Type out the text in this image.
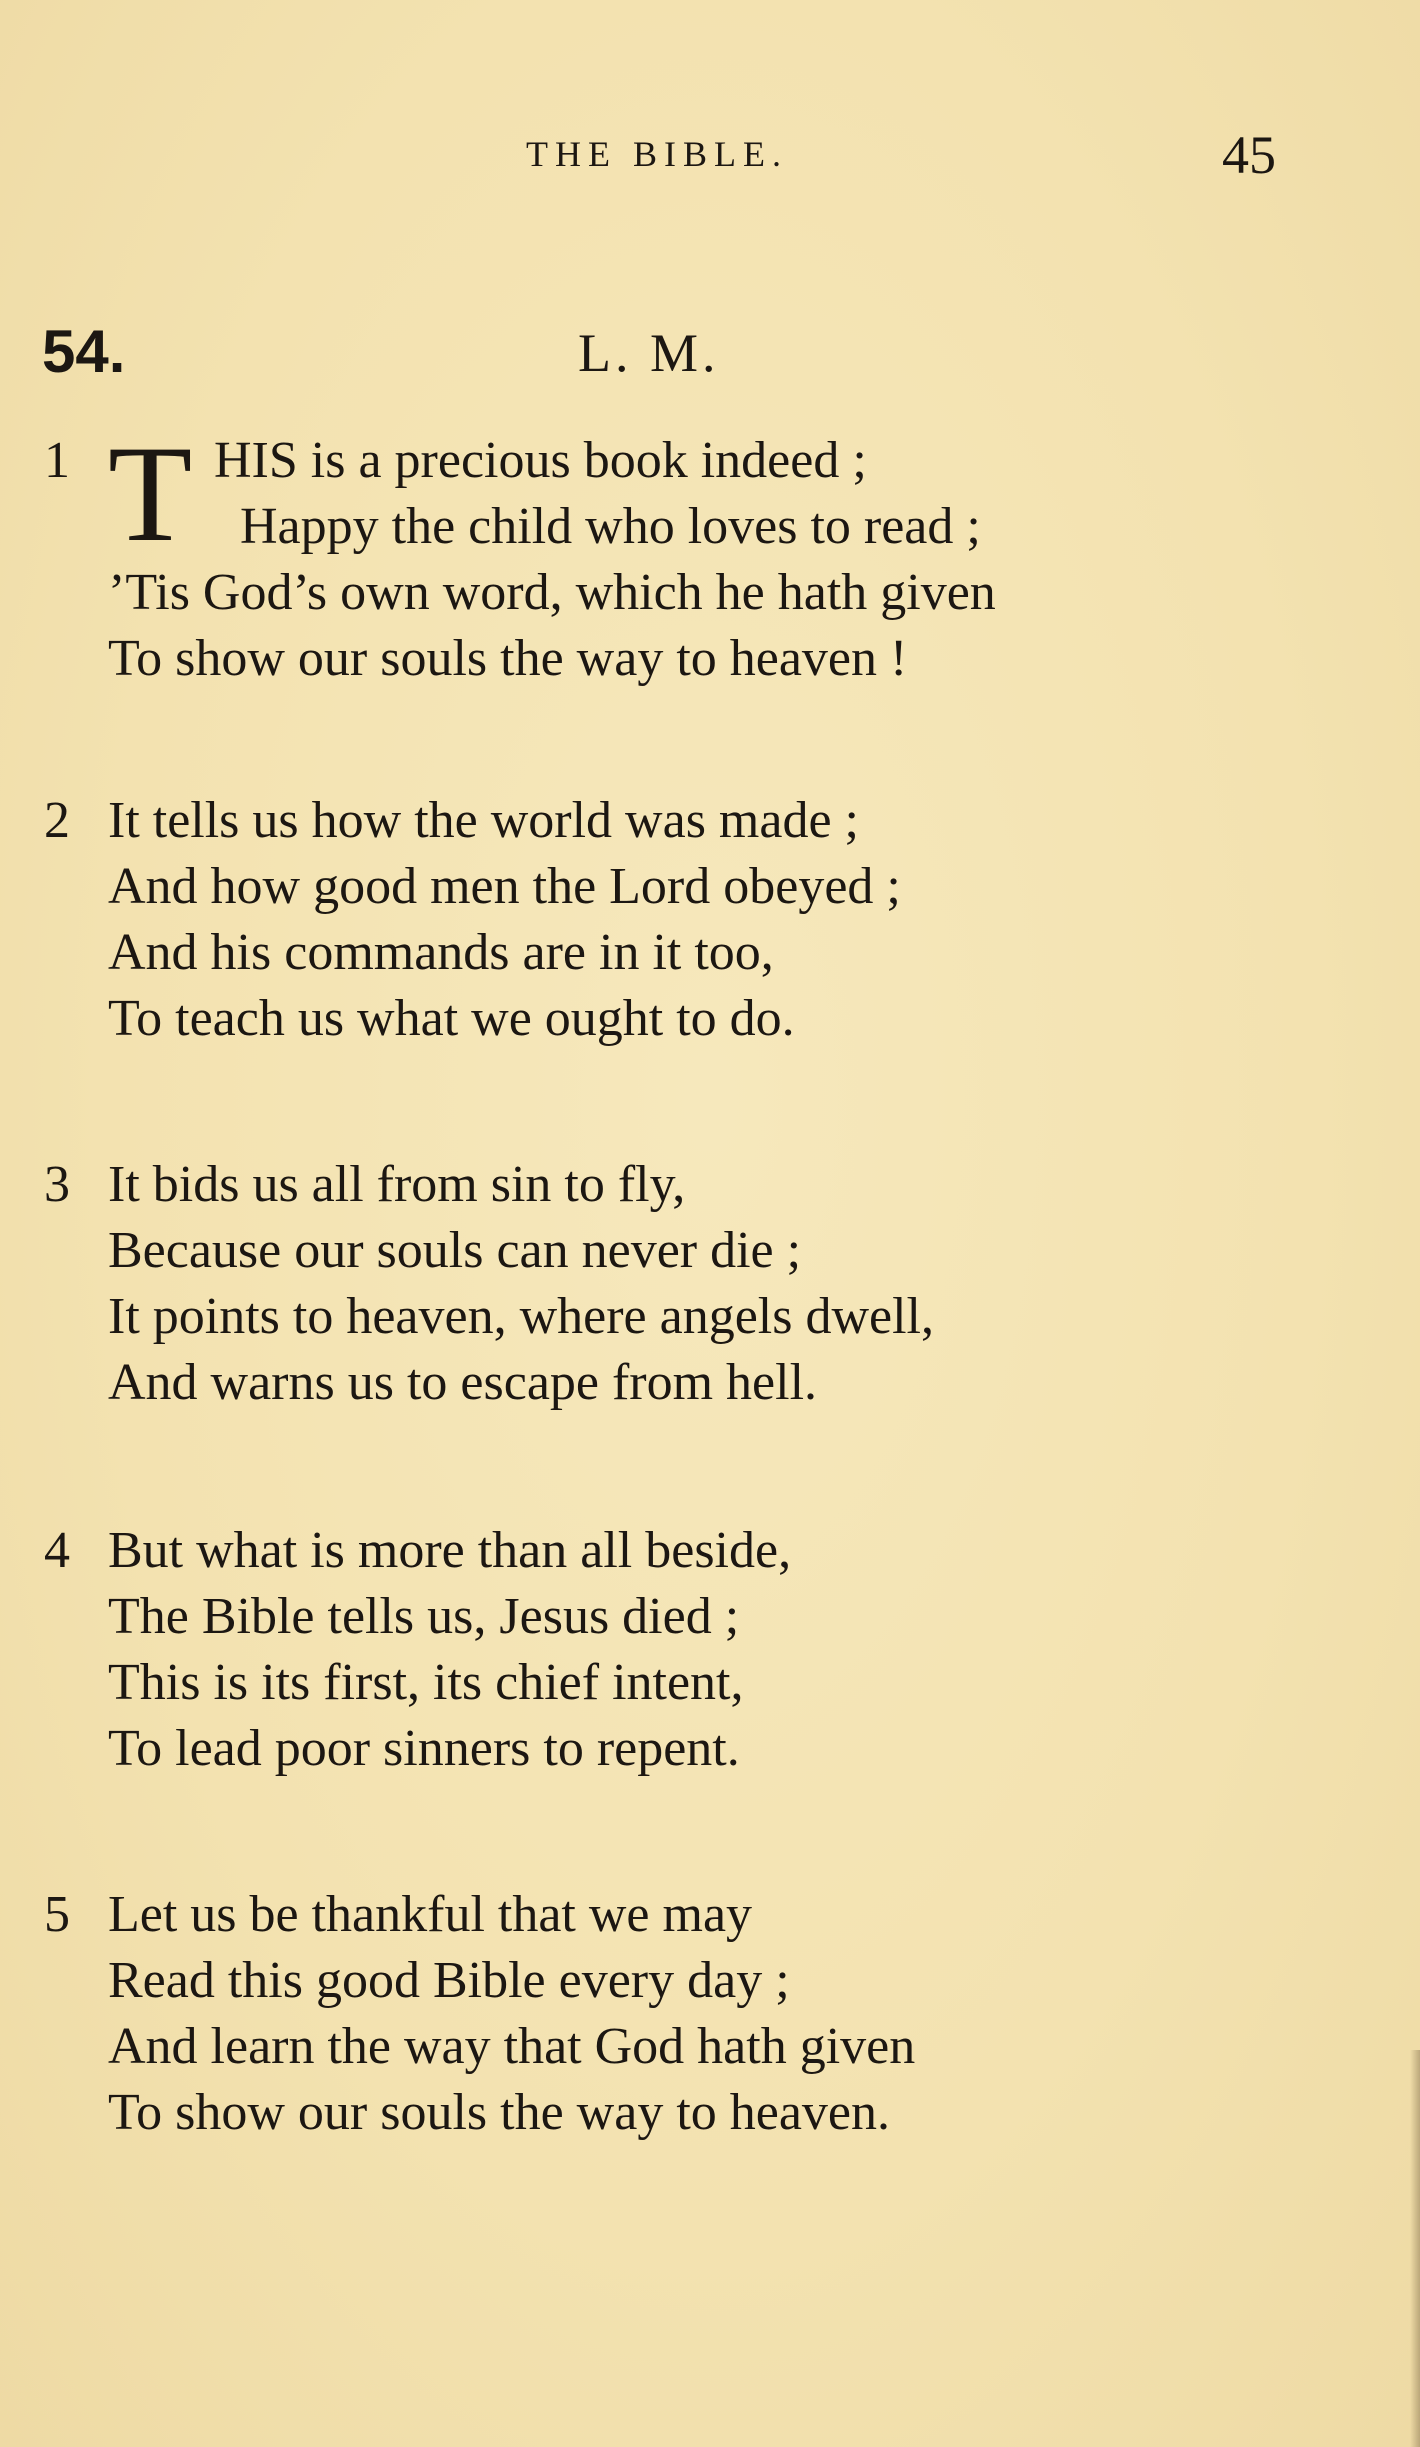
THE BIBLE.	45
54.	L. M.
1 T HIS is a precious book indeed ;
Happy the child who loves to read ;
’Tis God’s own word, which he hath given
To show our souls the way to heaven !
2 It tells us how the world was made ;
And how good men the Lord obeyed ;
And his commands are in it too,
To teach us what we ought to do.
3 It bids us all from sin to fly,
Because our souls can never die ;
It points to heaven, where angels dwell,
And warns us to escape from hell.
4 But what is more than all beside,
The Bible tells us, Jesus died ;
This is its first, its chief intent,
To lead poor sinners to repent.
5 Let us be thankful that we may
Read this good Bible every day ;
And learn the way that God hath given
To show our souls the way to heaven.
